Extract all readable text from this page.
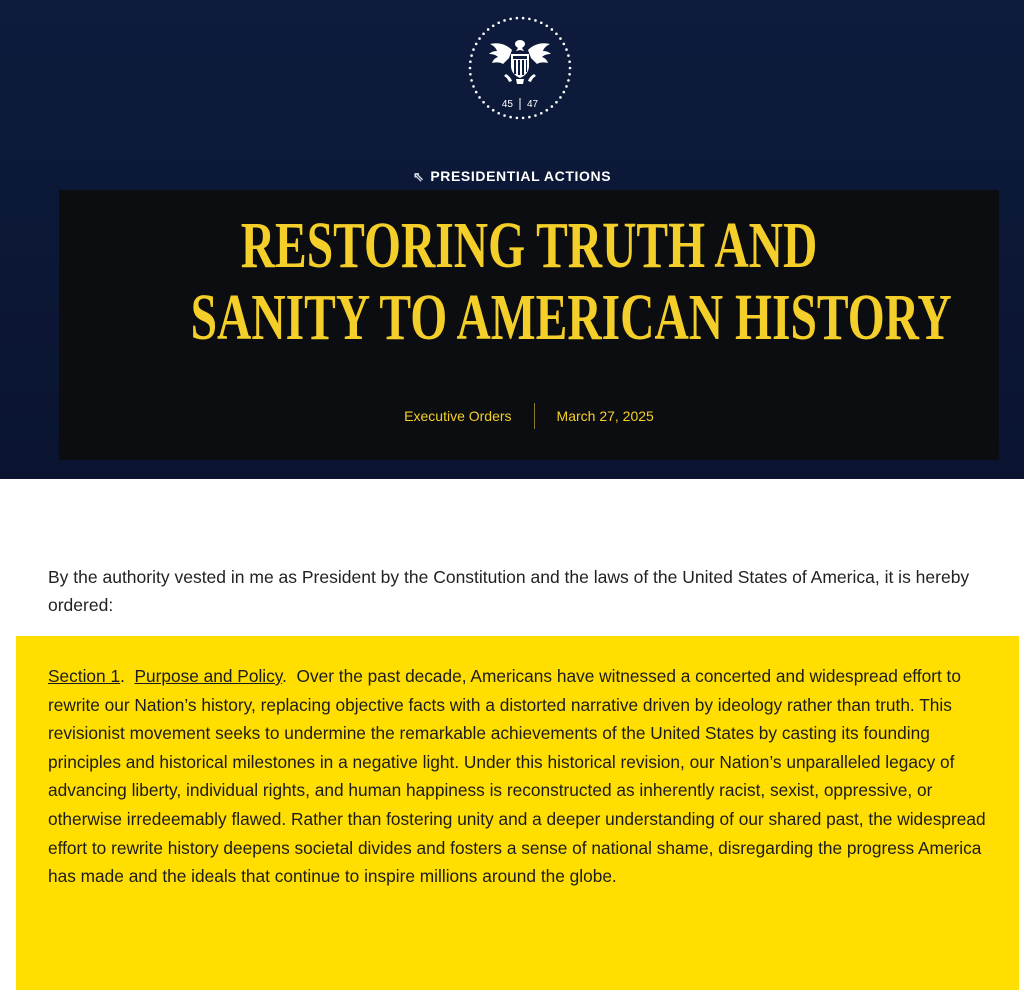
45 47
⇖ PRESIDENTIAL ACTIONS
RESTORING TRUTH AND
SANITY TO AMERICAN HISTORY
Executive Orders	March 27, 2025

By the authority vested in me as President by the Constitution and the laws of the United States of America, it is hereby ordered:

Section 1.  Purpose and Policy.  Over the past decade, Americans have witnessed a concerted and widespread effort to rewrite our Nation’s history, replacing objective facts with a distorted narrative driven by ideology rather than truth. This revisionist movement seeks to undermine the remarkable achievements of the United States by casting its founding principles and historical milestones in a negative light. Under this historical revision, our Nation’s unparalleled legacy of advancing liberty, individual rights, and human happiness is reconstructed as inherently racist, sexist, oppressive, or otherwise irredeemably flawed. Rather than fostering unity and a deeper understanding of our shared past, the widespread effort to rewrite history deepens societal divides and fosters a sense of national shame, disregarding the progress America has made and the ideals that continue to inspire millions around the globe.
